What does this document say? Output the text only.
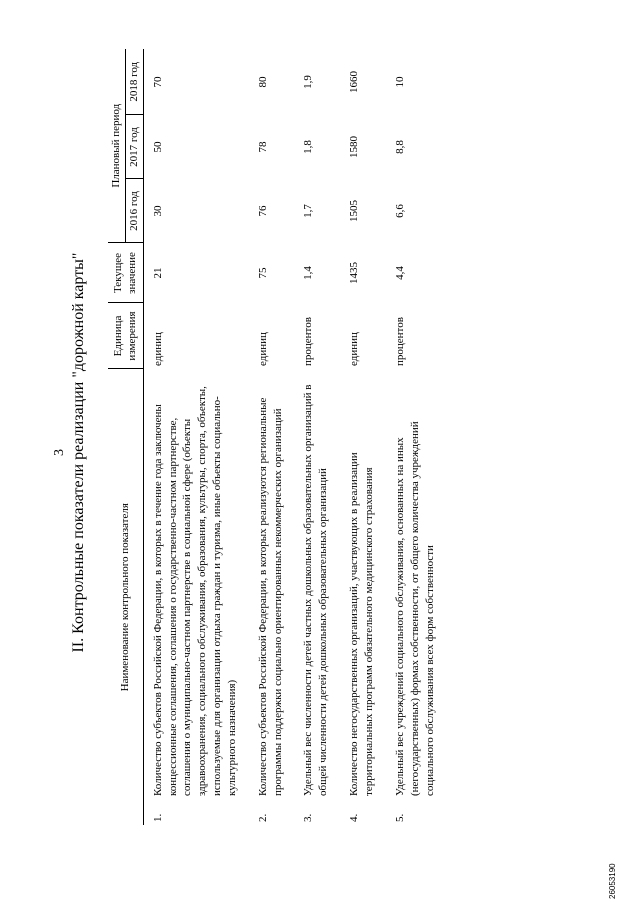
3 II. Контрольные показатели реализации "дорожной карты"	Наименование контрольного показателя		Единица измерения	Текущее значение	Плановый период		
				2016 год	2017 год	2018 год
1.	Количество субъектов Российской Федерации, в которых в течение года заключены концессионные соглашения, соглашения о государственно-частном партнерстве, соглашения о муниципально-частном партнерстве в социальной сфере (объекты здравоохранения, социального обслуживания, образования, культуры, спорта, объекты, используемые для организации отдыха граждан и туризма, иные объекты социально-культурного назначения)	единиц	21	30	50	70
2.	Количество субъектов Российской Федерации, в которых реализуются региональные программы поддержки социально ориентированных некоммерческих организаций	единиц	75	76	78	80
3.	Удельный вес численности детей частных дошкольных образовательных организаций в общей численности детей дошкольных образовательных организаций	процентов	1,4	1,7	1,8	1,9
4.	Количество негосударственных организаций, участвующих в реализации территориальных программ обязательного медицинского страхования	единиц	1435	1505	1580	1660
5.	Удельный вес учреждений социального обслуживания, основанных на иных (негосударственных) формах собственности, от общего количества учреждений социального обслуживания всех форм собственности	процентов	4,4	6,6	8,8	10
26053190
